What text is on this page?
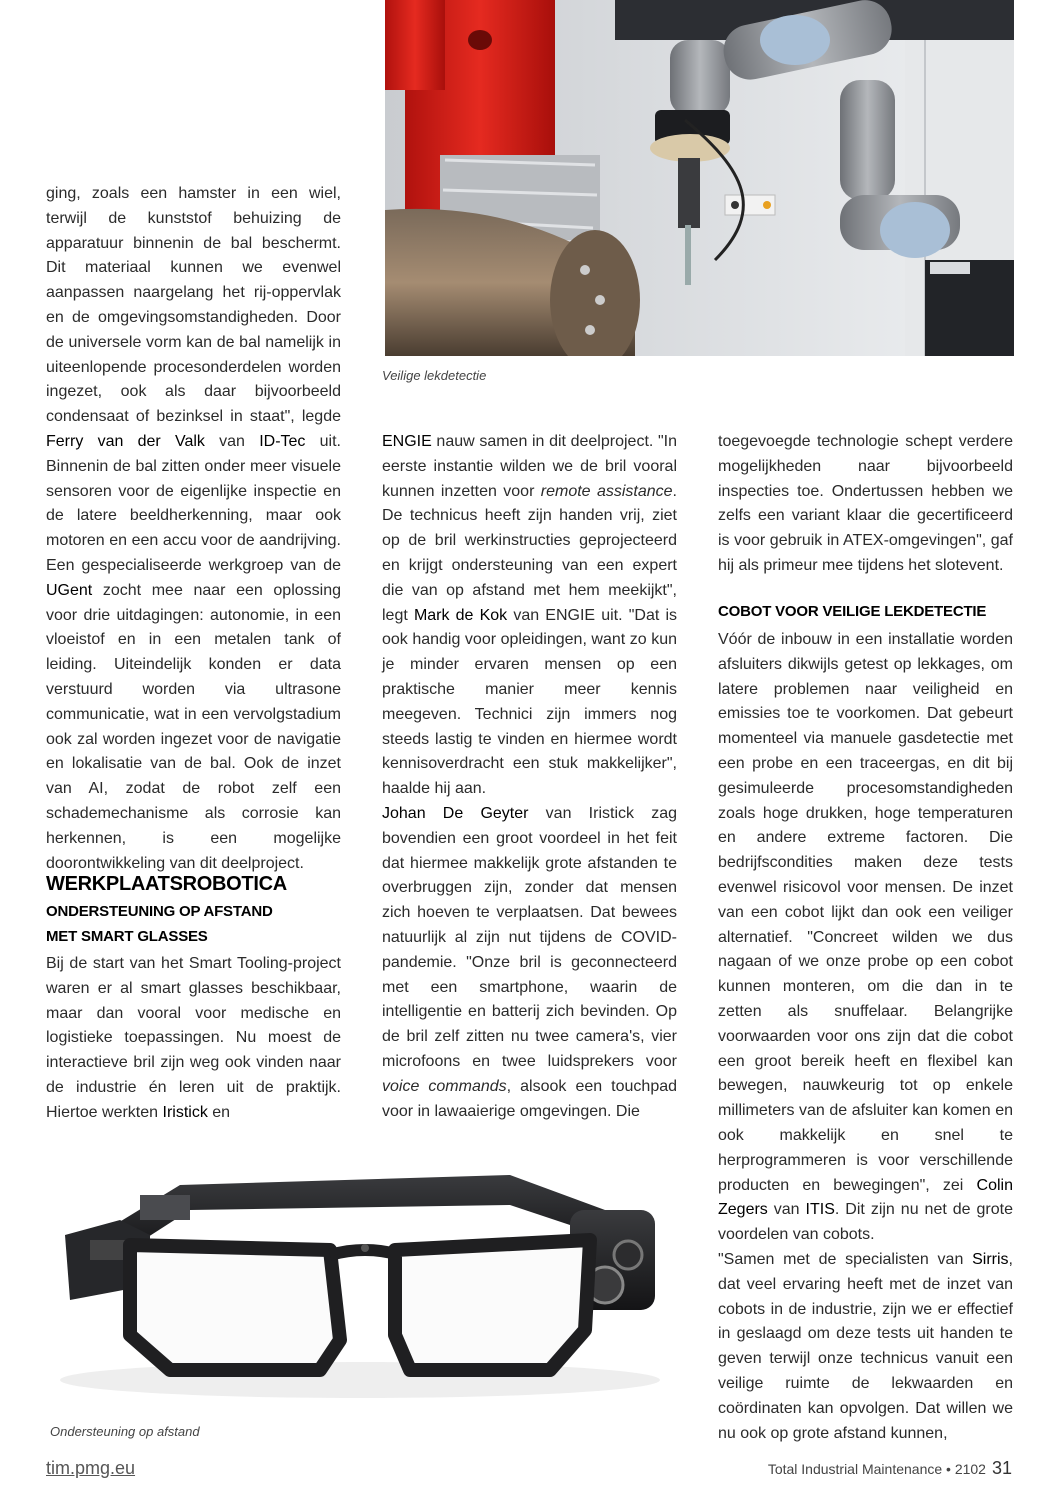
Veilige lekdetectie

ging, zoals een hamster in een wiel, terwijl de kunststof behuizing de apparatuur binnenin de bal beschermt. Dit materiaal kunnen we evenwel aanpassen naargelang het rij-oppervlak en de omgevingsomstandigheden. Door de universele vorm kan de bal namelijk in uiteenlopende procesonderdelen worden ingezet, ook als daar bijvoorbeeld condensaat of bezinksel in staat", legde Ferry van der Valk van ID-Tec uit. Binnenin de bal zitten onder meer visuele sensoren voor de eigenlijke inspectie en de latere beeldherkenning, maar ook motoren en een accu voor de aandrijving. Een gespecialiseerde werkgroep van de UGent zocht mee naar een oplossing voor drie uitdagingen: autonomie, in een vloeistof en in een metalen tank of leiding. Uiteindelijk konden er data verstuurd worden via ultrasone communicatie, wat in een vervolgstadium ook zal worden ingezet voor de navigatie en lokalisatie van de bal. Ook de inzet van AI, zodat de robot zelf een schademechanisme als corrosie kan herkennen, is een mogelijke doorontwikkeling van dit deelproject.

WERKPLAATSROBOTICA
ONDERSTEUNING OP AFSTAND
MET SMART GLASSES

Bij de start van het Smart Tooling-project waren er al smart glasses beschikbaar, maar dan vooral voor medische en logistieke toepassingen. Nu moest de interactieve bril zijn weg ook vinden naar de industrie én leren uit de praktijk. Hiertoe werkten Iristick en

ENGIE nauw samen in dit deelproject. "In eerste instantie wilden we de bril vooral kunnen inzetten voor remote assistance. De technicus heeft zijn handen vrij, ziet op de bril werkinstructies geprojecteerd en krijgt ondersteuning van een expert die van op afstand met hem meekijkt", legt Mark de Kok van ENGIE uit. "Dat is ook handig voor opleidingen, want zo kun je minder ervaren mensen op een praktische manier meer kennis meegeven. Technici zijn immers nog steeds lastig te vinden en hiermee wordt kennisoverdracht een stuk makkelijker", haalde hij aan.

Johan De Geyter van Iristick zag bovendien een groot voordeel in het feit dat hiermee makkelijk grote afstanden te overbruggen zijn, zonder dat mensen zich hoeven te verplaatsen. Dat bewees natuurlijk al zijn nut tijdens de COVID-pandemie. "Onze bril is geconnecteerd met een smartphone, waarin de intelligentie en batterij zich bevinden. Op de bril zelf zitten nu twee camera's, vier microfoons en twee luidsprekers voor voice commands, alsook een touchpad voor in lawaaierige omgevingen. Die

toegevoegde technologie schept verdere mogelijkheden naar bijvoorbeeld inspecties toe. Ondertussen hebben we zelfs een variant klaar die gecertificeerd is voor gebruik in ATEX-omgevingen", gaf hij als primeur mee tijdens het slotevent.

COBOT VOOR VEILIGE LEKDETECTIE

Vóór de inbouw in een installatie worden afsluiters dikwijls getest op lekkages, om latere problemen naar veiligheid en emissies toe te voorkomen. Dat gebeurt momenteel via manuele gasdetectie met een probe en een traceergas, en dit bij gesimuleerde procesomstandigheden zoals hoge drukken, hoge temperaturen en andere extreme factoren. Die bedrijfscondities maken deze tests evenwel risicovol voor mensen. De inzet van een cobot lijkt dan ook een veiliger alternatief. "Concreet wilden we dus nagaan of we onze probe op een cobot kunnen monteren, om die dan in te zetten als snuffelaar. Belangrijke voorwaarden voor ons zijn dat die cobot een groot bereik heeft en flexibel kan bewegen, nauwkeurig tot op enkele millimeters van de afsluiter kan komen en ook makkelijk en snel te herprogrammeren is voor verschillende producten en bewegingen", zei Colin Zegers van ITIS. Dit zijn nu net de grote voordelen van cobots.

"Samen met de specialisten van Sirris, dat veel ervaring heeft met de inzet van cobots in de industrie, zijn we er effectief in geslaagd om deze tests uit handen te geven terwijl onze technicus vanuit een veilige ruimte de lekwaarden en coördinaten kan opvolgen. Dat willen we nu ook op grote afstand kunnen,

Ondersteuning op afstand
tim.pmg.eu	Total Industrial Maintenance • 2102 31
